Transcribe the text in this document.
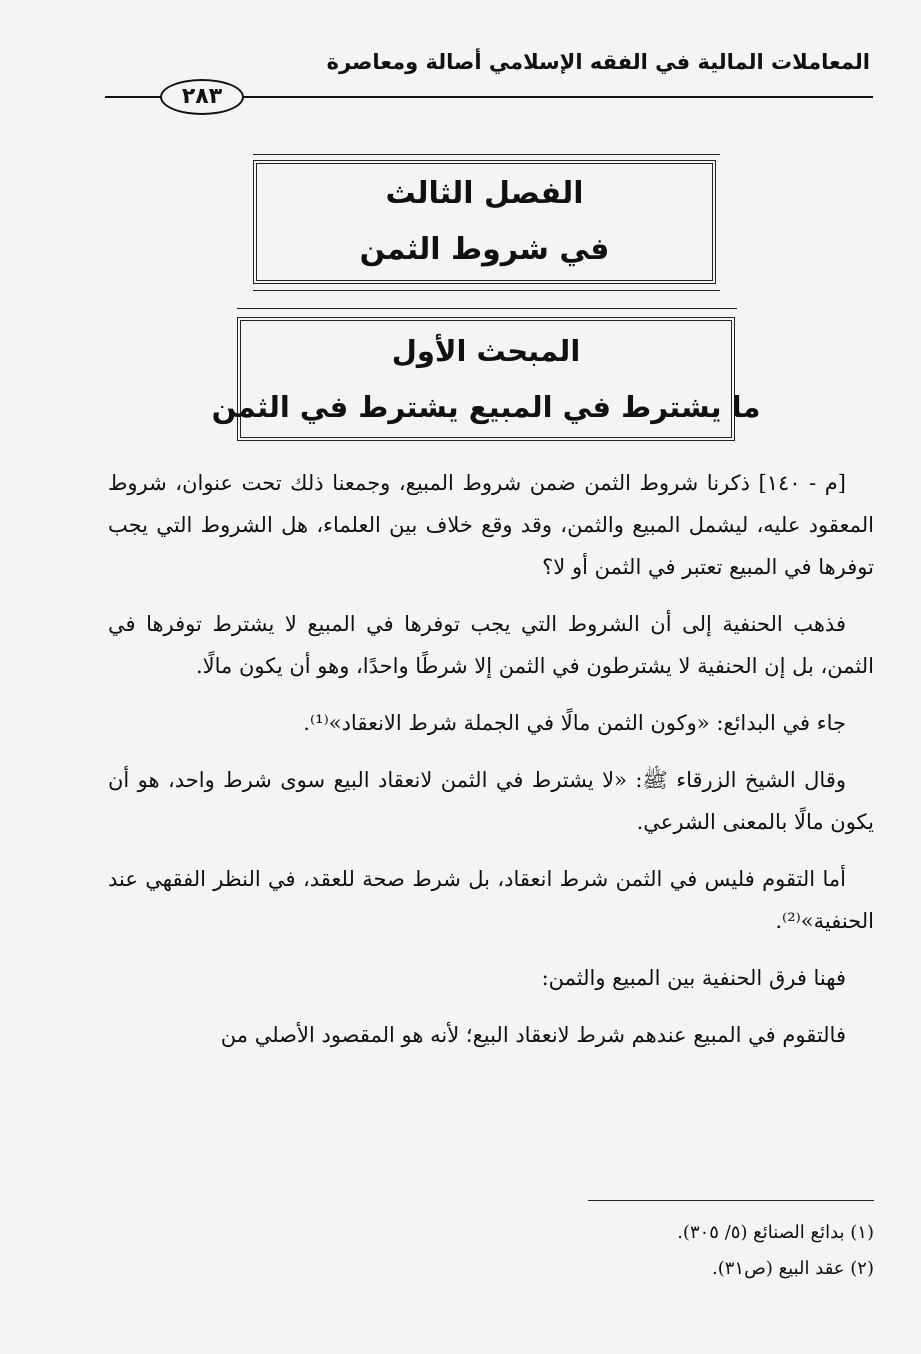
المعاملات المالية في الفقه الإسلامي أصالة ومعاصرة
٢٨٣
الفصل الثالث
في شروط الثمن
المبحث الأول
ما يشترط في المبيع يشترط في الثمن

[م - ١٤٠] ذكرنا شروط الثمن ضمن شروط المبيع، وجمعنا ذلك تحت عنوان، شروط المعقود عليه، ليشمل المبيع والثمن، وقد وقع خلاف بين العلماء، هل الشروط التي يجب توفرها في المبيع تعتبر في الثمن أو لا؟

فذهب الحنفية إلى أن الشروط التي يجب توفرها في المبيع لا يشترط توفرها في الثمن، بل إن الحنفية لا يشترطون في الثمن إلا شرطًا واحدًا، وهو أن يكون مالًا.

جاء في البدائع: «وكون الثمن مالًا في الجملة شرط الانعقاد»⁽¹⁾.

وقال الشيخ الزرقاء ﷺ: «لا يشترط في الثمن لانعقاد البيع سوى شرط واحد، هو أن يكون مالًا بالمعنى الشرعي.

أما التقوم فليس في الثمن شرط انعقاد، بل شرط صحة للعقد، في النظر الفقهي عند الحنفية»⁽²⁾.

فهنا فرق الحنفية بين المبيع والثمن:

فالتقوم في المبيع عندهم شرط لانعقاد البيع؛ لأنه هو المقصود الأصلي من

(١) بدائع الصنائع (٥/ ٣٠٥).
(٢) عقد البيع (ص٣١).
